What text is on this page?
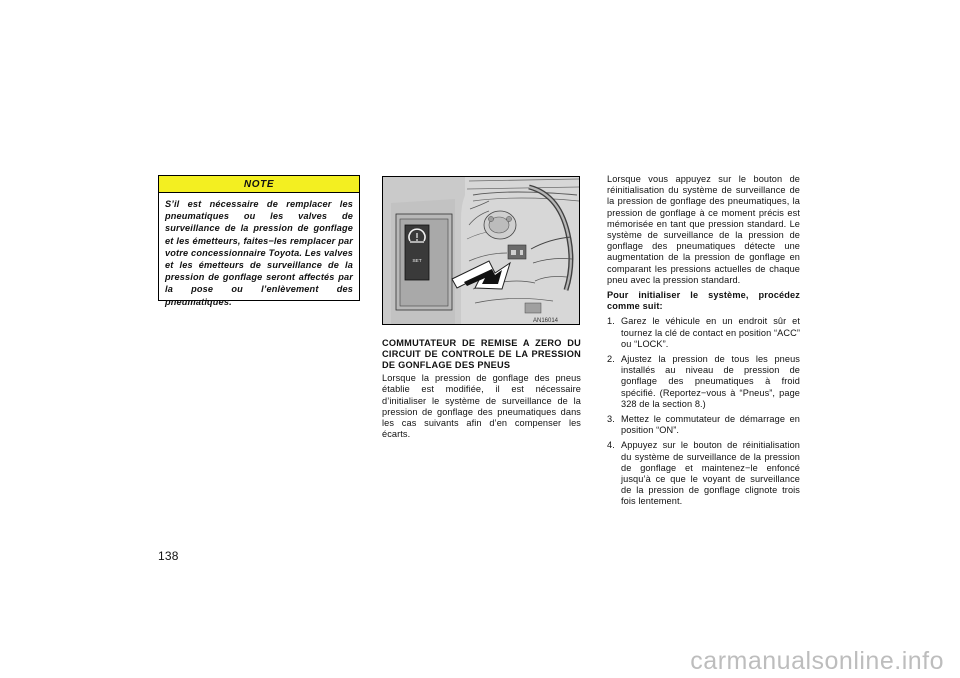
NOTE
S’il est nécessaire de remplacer les pneumatiques ou les valves de surveillance de la pression de gonflage et les émetteurs, faites−les remplacer par votre concessionnaire Toyota. Les valves et les émetteurs de surveillance de la pression de gonflage seront affectés par la pose ou l’enlèvement des pneumatiques.
SET
AN16014
COMMUTATEUR DE REMISE A ZERO DU CIRCUIT DE CONTROLE DE LA PRESSION DE GONFLAGE DES PNEUS
Lorsque la pression de gonflage des pneus établie est modifiée, il est nécessaire d’initialiser le système de surveillance de la pression de gonflage des pneumatiques dans les cas suivants afin d’en compenser les écarts.
Lorsque vous appuyez sur le bouton de réinitialisation du système de surveillance de la pression de gonflage des pneumatiques, la pression de gonflage à ce moment précis est mémorisée en tant que pression standard. Le système de surveillance de la pression de gonflage des pneumatiques détecte une augmentation de la pression de gonflage en comparant les pressions actuelles de chaque pneu avec la pression standard.
Pour initialiser le système, procédez comme suit:
1. Garez le véhicule en un endroit sûr et tournez la clé de contact en position “ACC” ou “LOCK”.
2. Ajustez la pression de tous les pneus installés au niveau de pression de gonflage des pneumatiques à froid spécifié. (Reportez−vous à “Pneus”, page 328 de la section 8.)
3. Mettez le commutateur de démarrage en position “ON”.
4. Appuyez sur le bouton de réinitialisation du système de surveillance de la pression de gonflage et maintenez−le enfoncé jusqu’à ce que le voyant de surveillance de la pression de gonflage clignote trois fois lentement.
138
carmanualsonline.info
